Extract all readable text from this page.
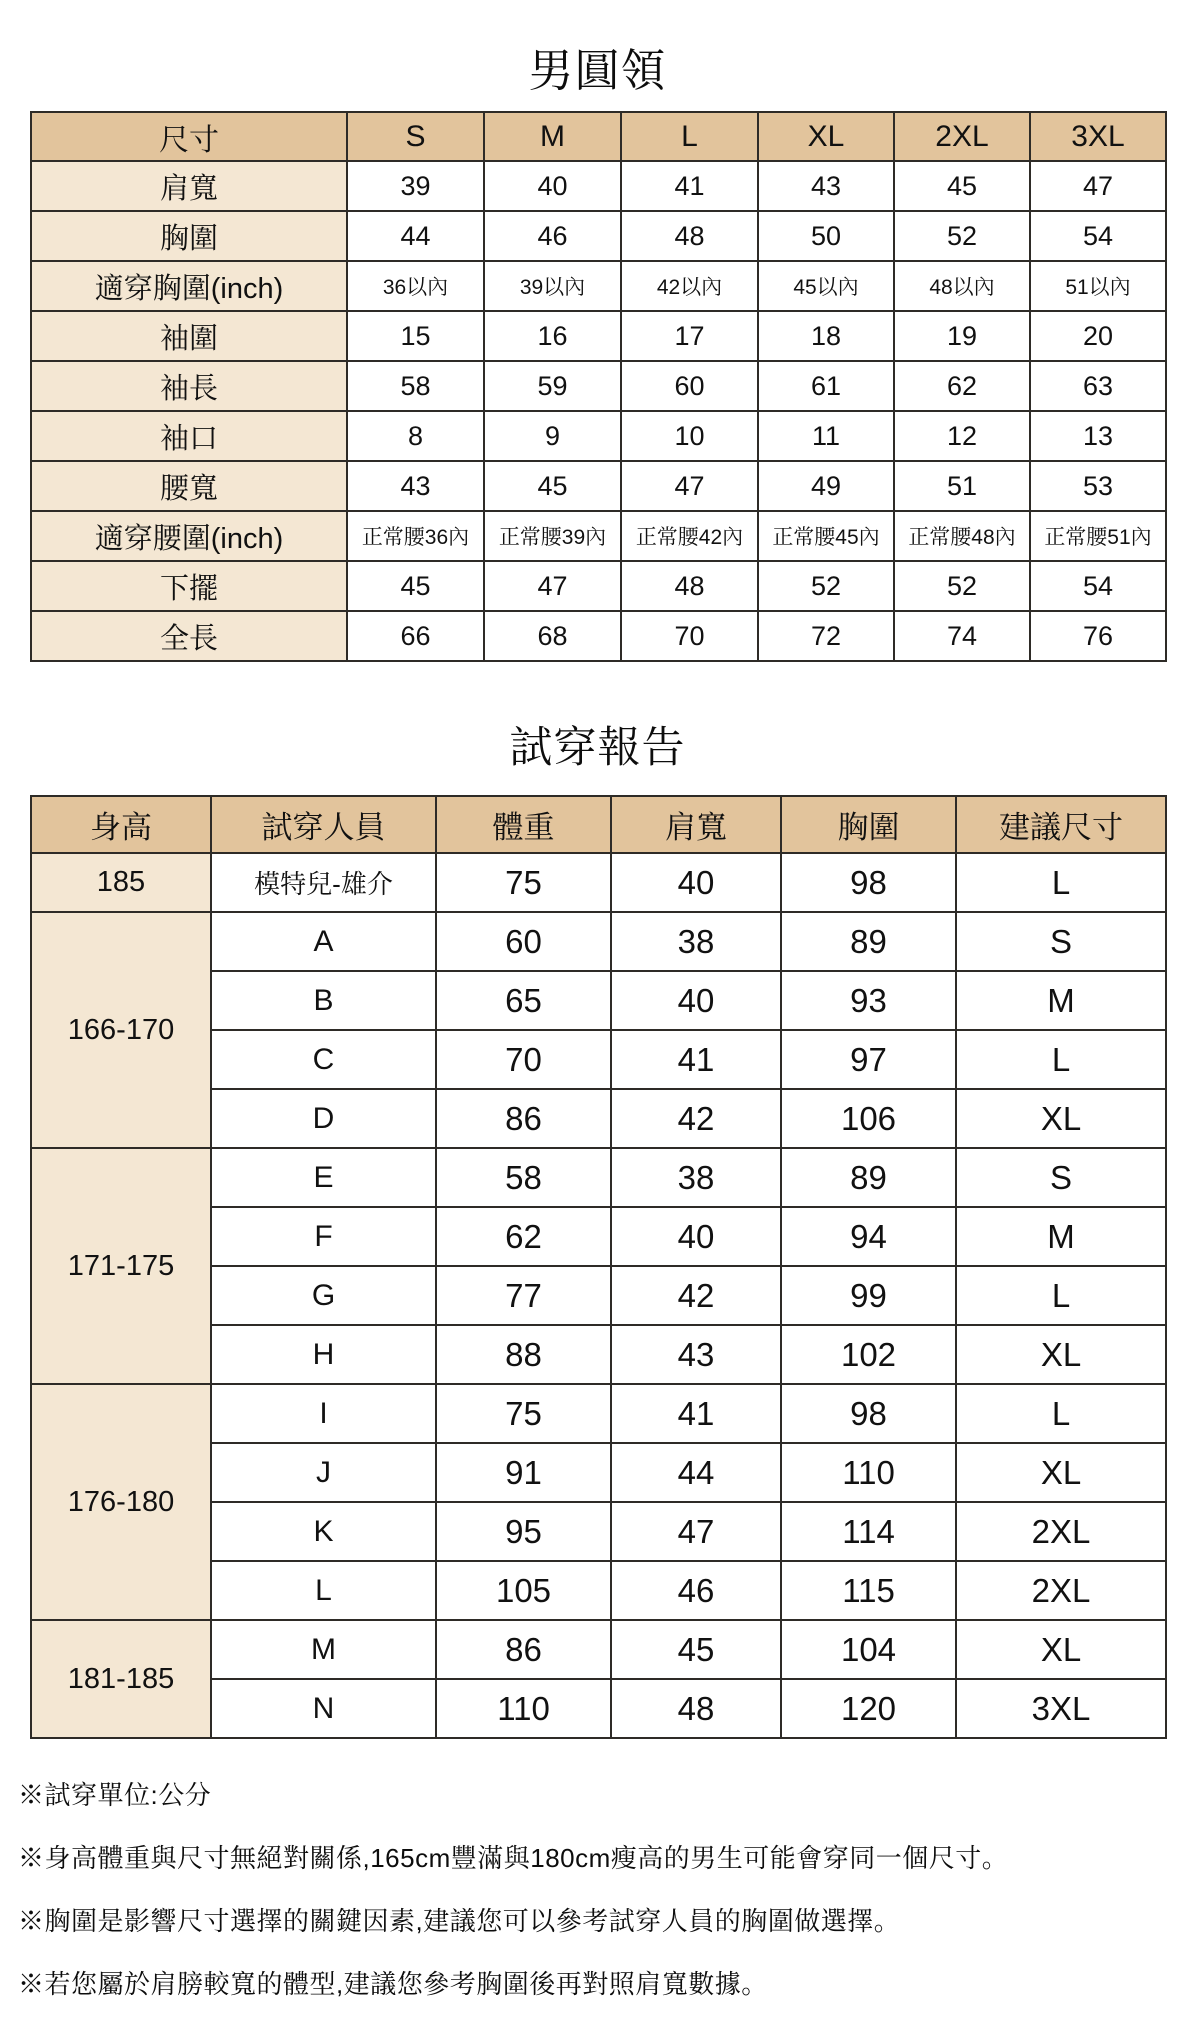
男圓領
尺寸	S	M	L	XL	2XL	3XL
肩寬	39	40	41	43	45	47
胸圍	44	46	48	50	52	54
適穿胸圍(inch)	36以內	39以內	42以內	45以內	48以內	51以內
袖圍	15	16	17	18	19	20
袖長	58	59	60	61	62	63
袖口	8	9	10	11	12	13
腰寬	43	45	47	49	51	53
適穿腰圍(inch)	正常腰36內	正常腰39內	正常腰42內	正常腰45內	正常腰48內	正常腰51內
下擺	45	47	48	52	52	54
全長	66	68	70	72	74	76
試穿報告
身高	試穿人員	體重	肩寬	胸圍	建議尺寸
185	模特兒-雄介	75	40	98	L
166-170	A	60	38	89	S
	B	65	40	93	M
	C	70	41	97	L
	D	86	42	106	XL
171-175	E	58	38	89	S
	F	62	40	94	M
	G	77	42	99	L
	H	88	43	102	XL
176-180	I	75	41	98	L
	J	91	44	110	XL
	K	95	47	114	2XL
	L	105	46	115	2XL
181-185	M	86	45	104	XL
	N	110	48	120	3XL

※試穿單位:公分

※身高體重與尺寸無絕對關係,165cm豐滿與180cm瘦高的男生可能會穿同一個尺寸。

※胸圍是影響尺寸選擇的關鍵因素,建議您可以參考試穿人員的胸圍做選擇。

※若您屬於肩膀較寬的體型,建議您參考胸圍後再對照肩寬數據。
